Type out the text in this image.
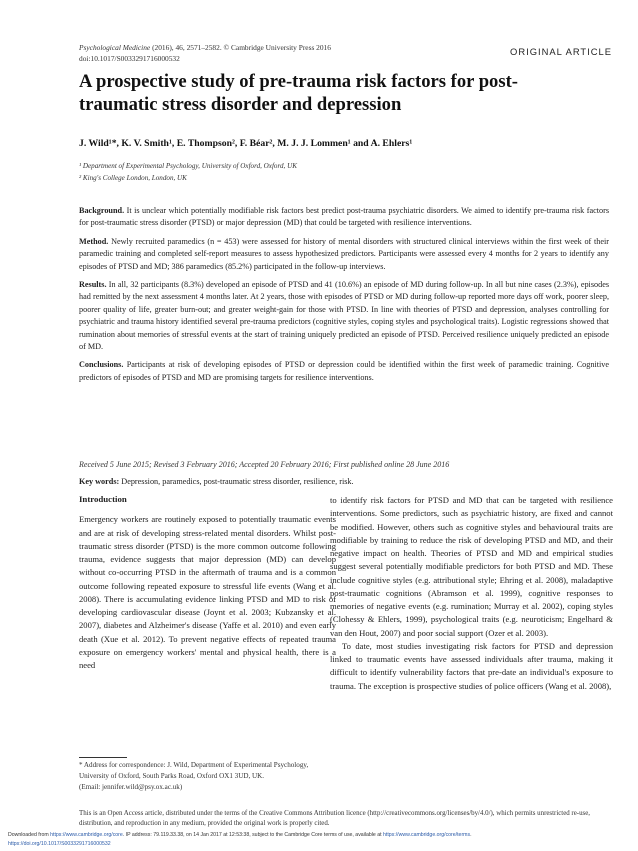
Psychological Medicine (2016), 46, 2571–2582. © Cambridge University Press 2016
doi:10.1017/S0033291716000532
ORIGINAL ARTICLE
A prospective study of pre-trauma risk factors for post-traumatic stress disorder and depression
J. Wild¹*, K. V. Smith¹, E. Thompson², F. Béar², M. J. J. Lommen¹ and A. Ehlers¹
¹ Department of Experimental Psychology, University of Oxford, Oxford, UK
² King's College London, London, UK

Background. It is unclear which potentially modifiable risk factors best predict post-trauma psychiatric disorders. We aimed to identify pre-trauma risk factors for post-traumatic stress disorder (PTSD) or major depression (MD) that could be targeted with resilience interventions.

Method. Newly recruited paramedics (n = 453) were assessed for history of mental disorders with structured clinical interviews within the first week of their paramedic training and completed self-report measures to assess hypothesized predictors. Participants were assessed every 4 months for 2 years to identify any episodes of PTSD and MD; 386 paramedics (85.2%) participated in the follow-up interviews.

Results. In all, 32 participants (8.3%) developed an episode of PTSD and 41 (10.6%) an episode of MD during follow-up. In all but nine cases (2.3%), episodes had remitted by the next assessment 4 months later. At 2 years, those with episodes of PTSD or MD during follow-up reported more days off work, poorer sleep, poorer quality of life, greater burn-out; and greater weight-gain for those with PTSD. In line with theories of PTSD and depression, analyses controlling for psychiatric and trauma history identified several pre-trauma predictors (cognitive styles, coping styles and psychological traits). Logistic regressions showed that rumination about memories of stressful events at the start of training uniquely predicted an episode of PTSD. Perceived resilience uniquely predicted an episode of MD.

Conclusions. Participants at risk of developing episodes of PTSD or depression could be identified within the first week of paramedic training. Cognitive predictors of episodes of PTSD and MD are promising targets for resilience interventions.

Received 5 June 2015; Revised 3 February 2016; Accepted 20 February 2016; First published online 28 June 2016
Key words: Depression, paramedics, post-traumatic stress disorder, resilience, risk.
Introduction

Emergency workers are routinely exposed to potentially traumatic events and are at risk of developing stress-related mental disorders. Whilst post-traumatic stress disorder (PTSD) is the more common outcome following trauma, evidence suggests that major depression (MD) can develop without co-occurring PTSD in the aftermath of trauma and is a common outcome following repeated exposure to stressful life events (Wang et al. 2008). There is accumulating evidence linking PTSD and MD to risk of developing cardiovascular disease (Joynt et al. 2003; Kubzansky et al. 2007), diabetes and Alzheimer's disease (Yaffe et al. 2010) and even early death (Xue et al. 2012). To prevent negative effects of repeated trauma exposure on emergency workers' mental and physical health, there is a need

to identify risk factors for PTSD and MD that can be targeted with resilience interventions. Some predictors, such as psychiatric history, are fixed and cannot be modified. However, others such as cognitive styles and behavioural traits are modifiable by training to reduce the risk of developing PTSD and MD, and their negative impact on health. Theories of PTSD and MD and empirical studies suggest several potentially modifiable predictors for both PTSD and MD. These include cognitive styles (e.g. attributional style; Ehring et al. 2008), maladaptive post-traumatic cognitions (Abramson et al. 1999), cognitive responses to memories of negative events (e.g. rumination; Murray et al. 2002), coping styles (Clohessy & Ehlers, 1999), psychological traits (e.g. neuroticism; Engelhard & van den Hout, 2007) and poor social support (Ozer et al. 2003).

To date, most studies investigating risk factors for PTSD and depression linked to traumatic events have assessed individuals after trauma, making it difficult to identify vulnerability factors that pre-date an individual's exposure to trauma. The exception is prospective studies of police officers (Wang et al. 2008),

* Address for correspondence: J. Wild, Department of Experimental Psychology, University of Oxford, South Parks Road, Oxford OX1 3UD, UK.
(Email: jennifer.wild@psy.ox.ac.uk)
This is an Open Access article, distributed under the terms of the Creative Commons Attribution licence (http://creativecommons.org/licenses/by/4.0/), which permits unrestricted re-use, distribution, and reproduction in any medium, provided the original work is properly cited.
Downloaded from https://www.cambridge.org/core. IP address: 79.119.33.38, on 14 Jan 2017 at 12:53:38, subject to the Cambridge Core terms of use, available at https://www.cambridge.org/core/terms.
https://doi.org/10.1017/S0033291716000532
